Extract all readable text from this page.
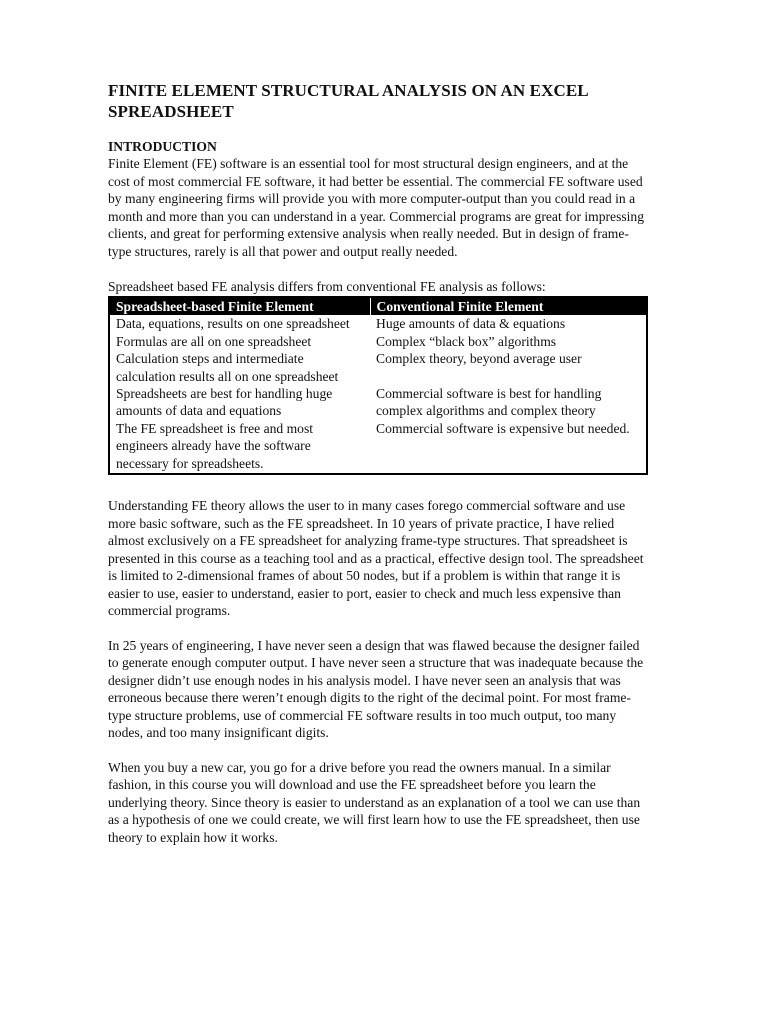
FINITE ELEMENT STRUCTURAL ANALYSIS ON AN EXCEL SPREADSHEET
INTRODUCTION

Finite Element (FE) software is an essential tool for most structural design engineers, and at the cost of most commercial FE software, it had better be essential. The commercial FE software used by many engineering firms will provide you with more computer-output than you could read in a month and more than you can understand in a year. Commercial programs are great for impressing clients, and great for performing extensive analysis when really needed. But in design of frame-type structures, rarely is all that power and output really needed.

Spreadsheet based FE analysis differs from conventional FE analysis as follows:

Spreadsheet-based Finite Element	Conventional Finite Element
Data, equations, results on one spreadsheet	Huge amounts of data & equations
Formulas are all on one spreadsheet	Complex “black box” algorithms
Calculation steps and intermediate calculation results all on one spreadsheet	Complex theory, beyond average user
Spreadsheets are best for handling huge amounts of data and equations	Commercial software is best for handling complex algorithms and complex theory
The FE spreadsheet is free and most engineers already have the software necessary for spreadsheets.	Commercial software is expensive but needed.

Understanding FE theory allows the user to in many cases forego commercial software and use more basic software, such as the FE spreadsheet. In 10 years of private practice, I have relied almost exclusively on a FE spreadsheet for analyzing frame-type structures. That spreadsheet is presented in this course as a teaching tool and as a practical, effective design tool. The spreadsheet is limited to 2-dimensional frames of about 50 nodes, but if a problem is within that range it is easier to use, easier to understand, easier to port, easier to check and much less expensive than commercial programs.

In 25 years of engineering, I have never seen a design that was flawed because the designer failed to generate enough computer output. I have never seen a structure that was inadequate because the designer didn’t use enough nodes in his analysis model. I have never seen an analysis that was erroneous because there weren’t enough digits to the right of the decimal point. For most frame-type structure problems, use of commercial FE software results in too much output, too many nodes, and too many insignificant digits.

When you buy a new car, you go for a drive before you read the owners manual. In a similar fashion, in this course you will download and use the FE spreadsheet before you learn the underlying theory. Since theory is easier to understand as an explanation of a tool we can use than as a hypothesis of one we could create, we will first learn how to use the FE spreadsheet, then use theory to explain how it works.
